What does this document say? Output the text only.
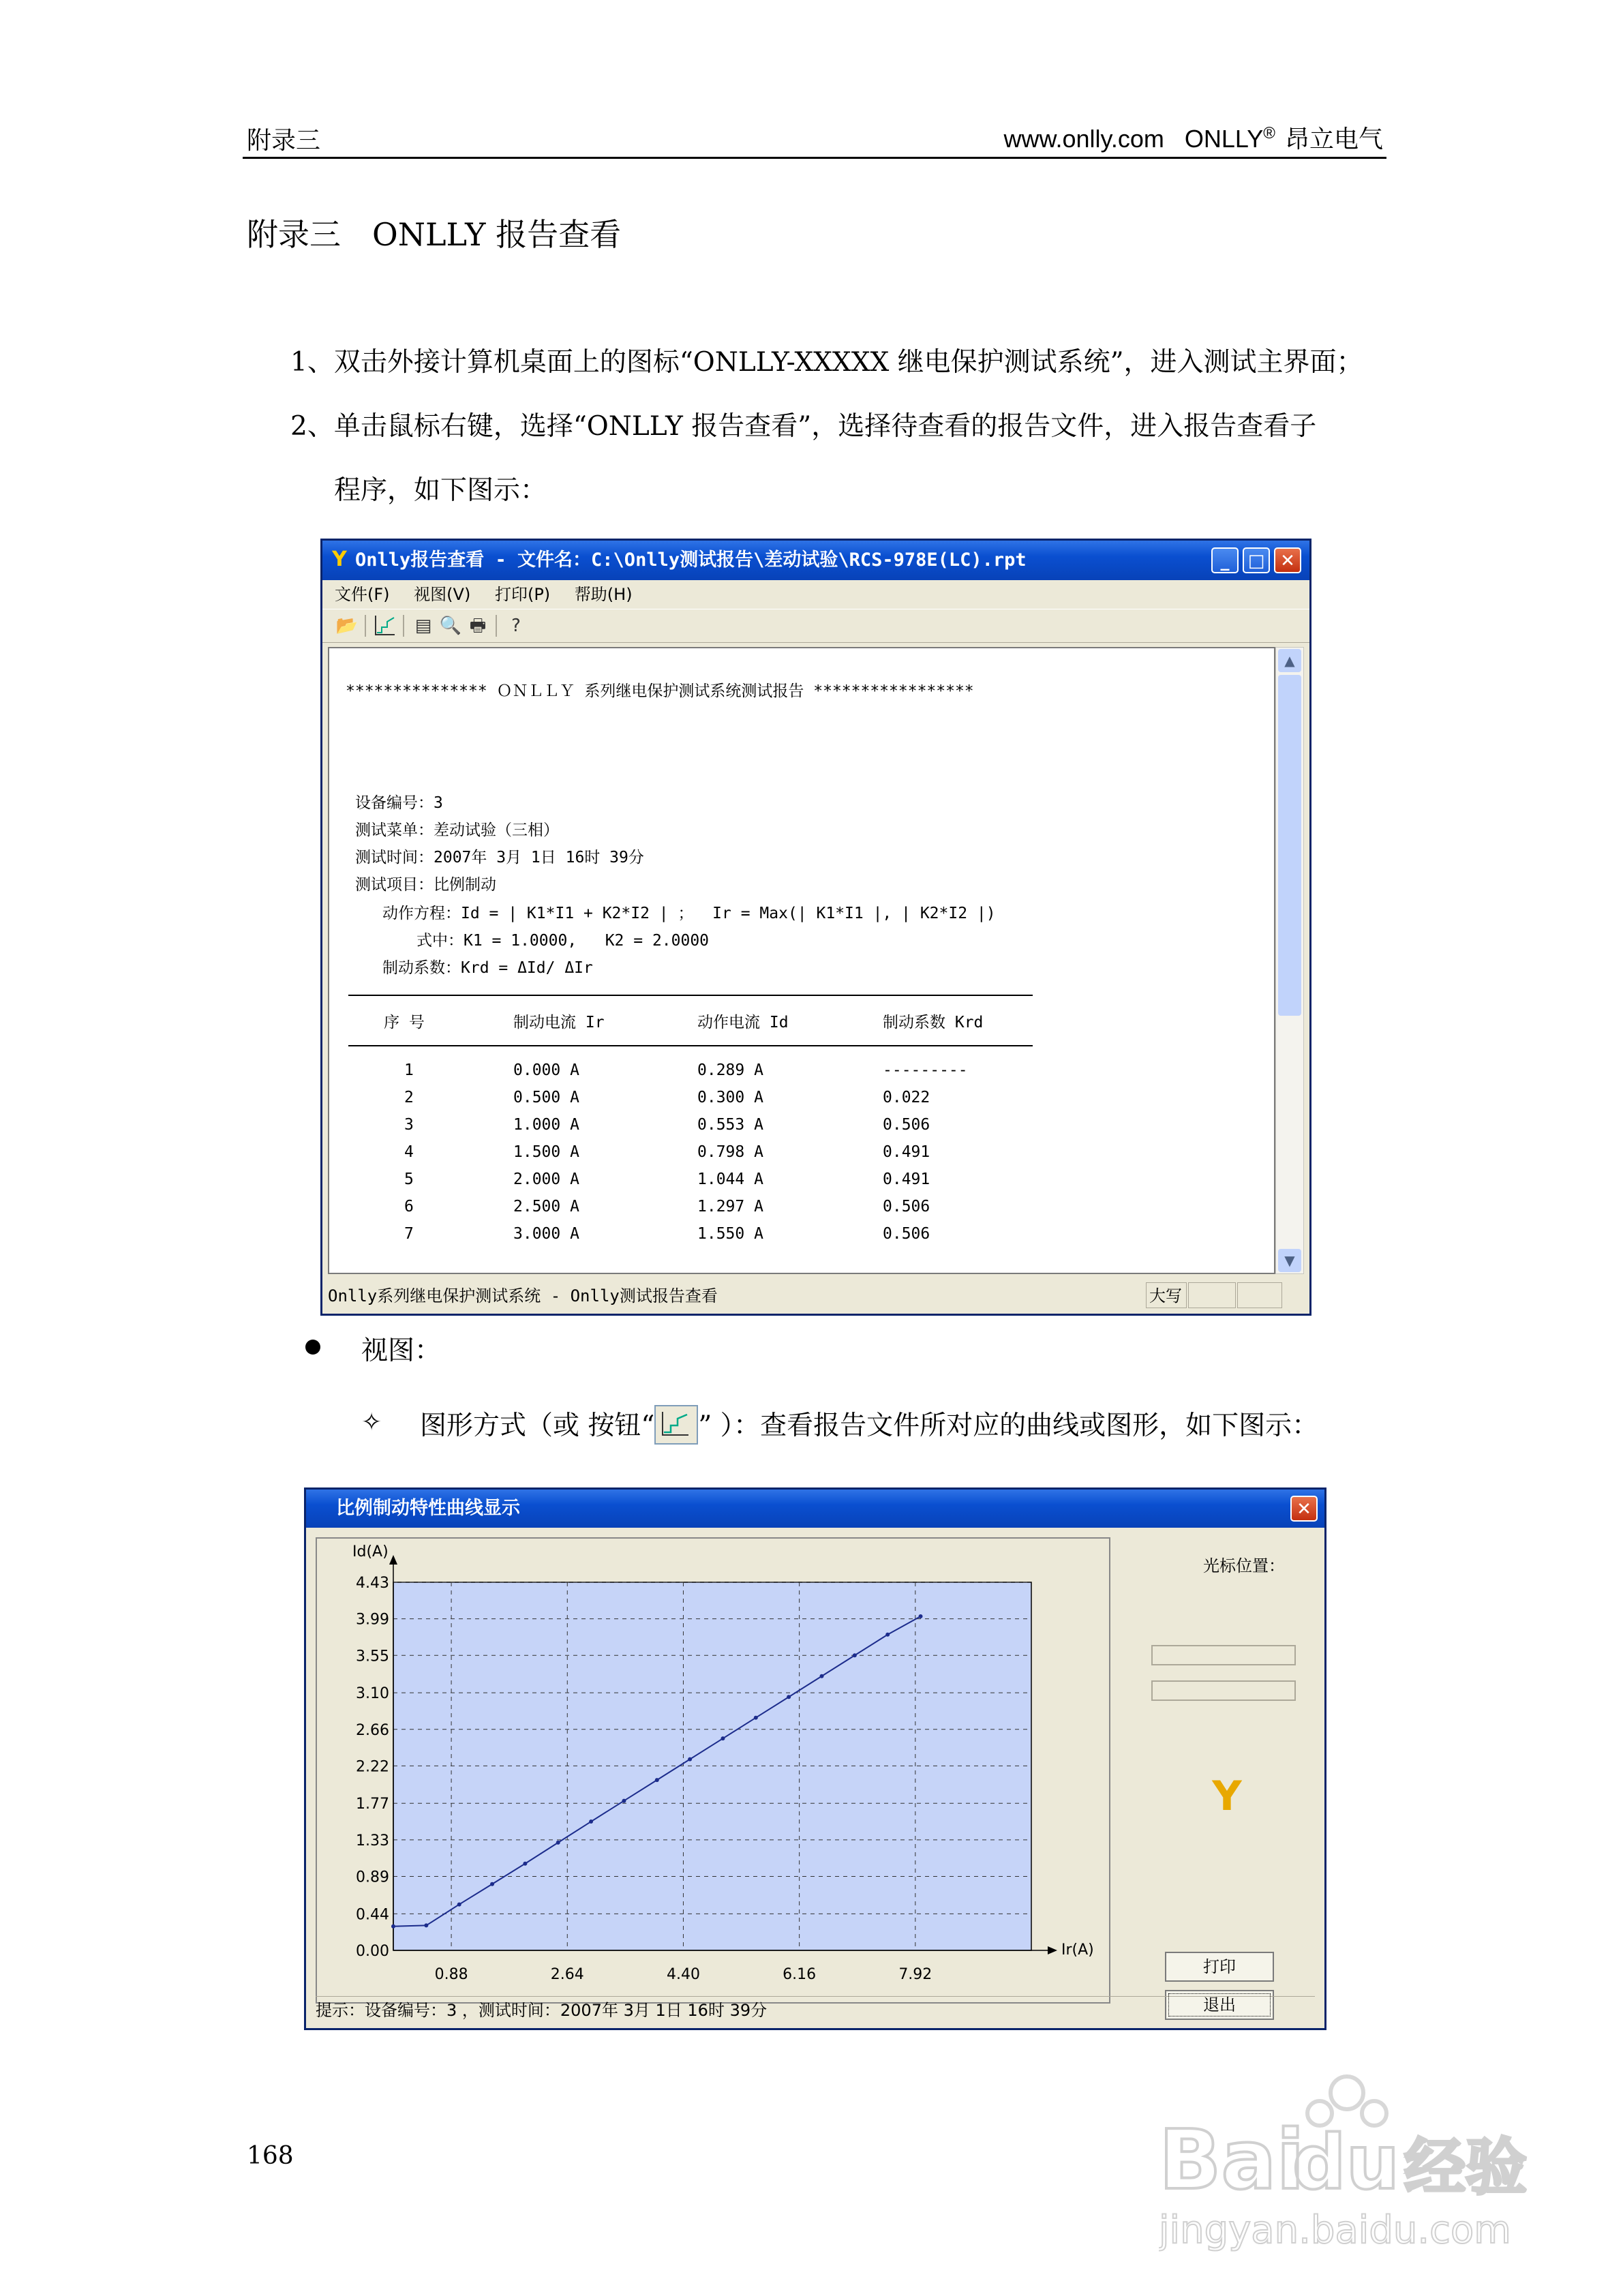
附录三	www.onlly.com ONLLY® 昂立电气
附录三　ONLLY 报告查看
1、双击外接计算机桌面上的图标“ONLLY-XXXXX 继电保护测试系统”，进入测试主界面；
2、单击鼠标右键，选择“ONLLY 报告查看”，选择待查看的报告文件，进入报告查看子
程序，如下图示：
Y Onlly报告查看 - 文件名：C:\Onlly测试报告\差动试验\RCS-978E(LC).rpt	_	□ ✕
文件(F) 视图(V) 打印(P) 帮助(H)
📂	▤ 🔍 🖶	?
*************** ＯＮＬＬＹ 系列继电保护测试系统测试报告 *****************
设备编号：3
测试菜单：差动试验（三相）
测试时间：2007年 3月 1日 16时 39分
测试项目：比例制动
动作方程：Id = | K1*I1 + K2*I2 | ；  Ir = Max(| K1*I1 |, | K2*I2 |)
式中：K1 = 1.0000,   K2 = 2.0000
制动系数：Krd = ΔId/ ΔIr
序 号	制动电流 Ir	动作电流 Id	制动系数 Krd
1	0.000 A	0.289 A	---------
2	0.500 A	0.300 A	0.022
3	1.000 A	0.553 A	0.506
4	1.500 A	0.798 A	0.491
5	2.000 A	1.044 A	0.491
6	2.500 A	1.297 A	0.506
7	3.000 A	1.550 A	0.506
▲
▼
Onlly系列继电保护测试系统 - Onlly测试报告查看	大写
视图：
✧ 图形方式（或 按钮“ ” ）：查看报告文件所对应的曲线或图形，如下图示：
比例制动特性曲线显示	✕
0.88	2.64	4.40	6.16	7.92
4.43
3.99
3.55
3.10
2.66
2.22
1.77
1.33
0.89
0.44
0.00
Id(A)
Ir(A)
光标位置：
Y
打印
退出
提示：设备编号：3 ，测试时间：2007年 3月 1日 16时 39分
168	Bai
du 经验
jingyan.baidu.com
